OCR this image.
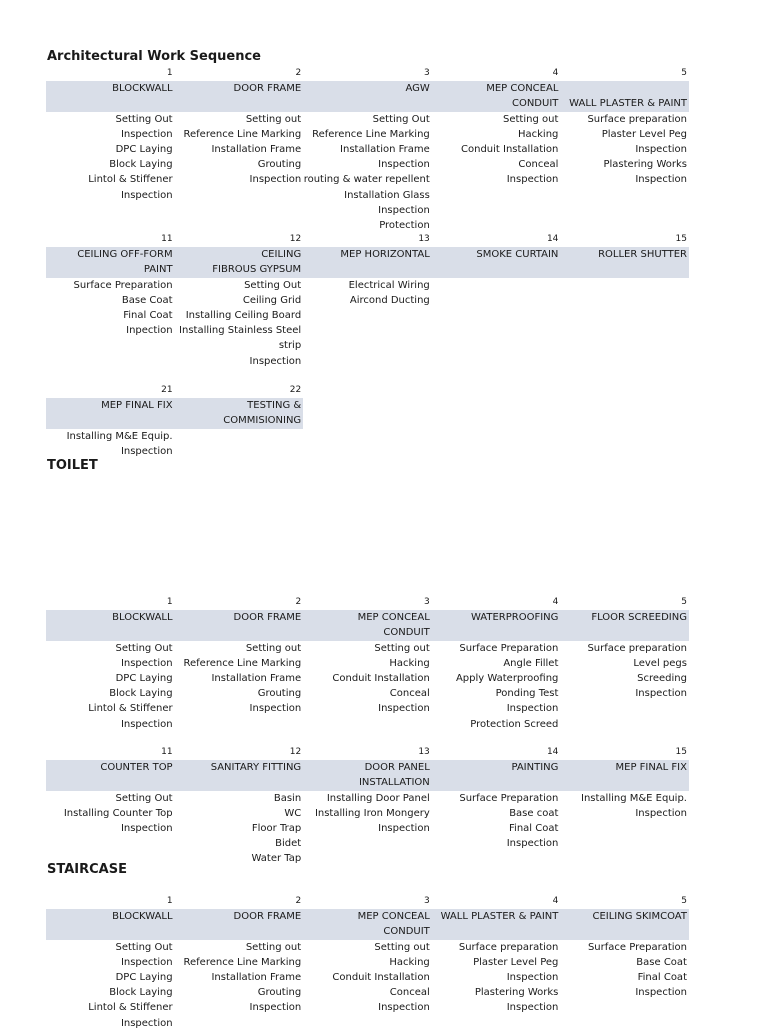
Architectural Work Sequence
1
BLOCKWALL

Setting Out
Inspection
DPC Laying
Block Laying
Lintol & Stiffener
Inspection
2
DOOR FRAME

Setting out
Reference Line Marking
Installation Frame
Grouting
Inspection
3
AGW

Setting Out
Reference Line Marking
Installation Frame
Inspection
routing & water repellent
Installation Glass
Inspection
Protection
4
MEP CONCEAL
CONDUIT
Setting out
Hacking
Conduit Installation
Conceal
Inspection
5
WALL PLASTER & PAINT
Surface preparation
Plaster Level Peg
Inspection
Plastering Works
Inspection
11
CEILING OFF-FORM
PAINT
Surface Preparation
Base Coat
Final Coat
Inpection
12
CEILING
FIBROUS GYPSUM
Setting Out
Ceiling Grid
Installing Ceiling Board
Installing Stainless Steel
strip
Inspection
13
MEP HORIZONTAL

Electrical Wiring
Aircond Ducting
14
SMOKE CURTAIN

15
ROLLER SHUTTER

21
MEP FINAL FIX

Installing M&E Equip.
Inspection
22
TESTING &
COMMISIONING
TOILET
1
BLOCKWALL

Setting Out
Inspection
DPC Laying
Block Laying
Lintol & Stiffener
Inspection
2
DOOR FRAME

Setting out
Reference Line Marking
Installation Frame
Grouting
Inspection
3
MEP CONCEAL
CONDUIT
Setting out
Hacking
Conduit Installation
Conceal
Inspection
4
WATERPROOFING

Surface Preparation
Angle Fillet
Apply Waterproofing
Ponding Test
Inspection
Protection Screed
5
FLOOR SCREEDING

Surface preparation
Level pegs
Screeding
Inspection
11
COUNTER TOP

Setting Out
Installing Counter Top
Inspection
12
SANITARY FITTING

Basin
WC
Floor Trap
Bidet
Water Tap
13
DOOR PANEL
INSTALLATION
Installing Door Panel
Installing Iron Mongery
Inspection
14
PAINTING

Surface Preparation
Base coat
Final Coat
Inspection
15
MEP FINAL FIX

Installing M&E Equip.
Inspection
STAIRCASE
1
BLOCKWALL

Setting Out
Inspection
DPC Laying
Block Laying
Lintol & Stiffener
Inspection
2
DOOR FRAME

Setting out
Reference Line Marking
Installation Frame
Grouting
Inspection
3
MEP CONCEAL
CONDUIT
Setting out
Hacking
Conduit Installation
Conceal
Inspection
4
WALL PLASTER & PAINT

Surface preparation
Plaster Level Peg
Inspection
Plastering Works
Inspection
5
CEILING SKIMCOAT

Surface Preparation
Base Coat
Final Coat
Inspection
